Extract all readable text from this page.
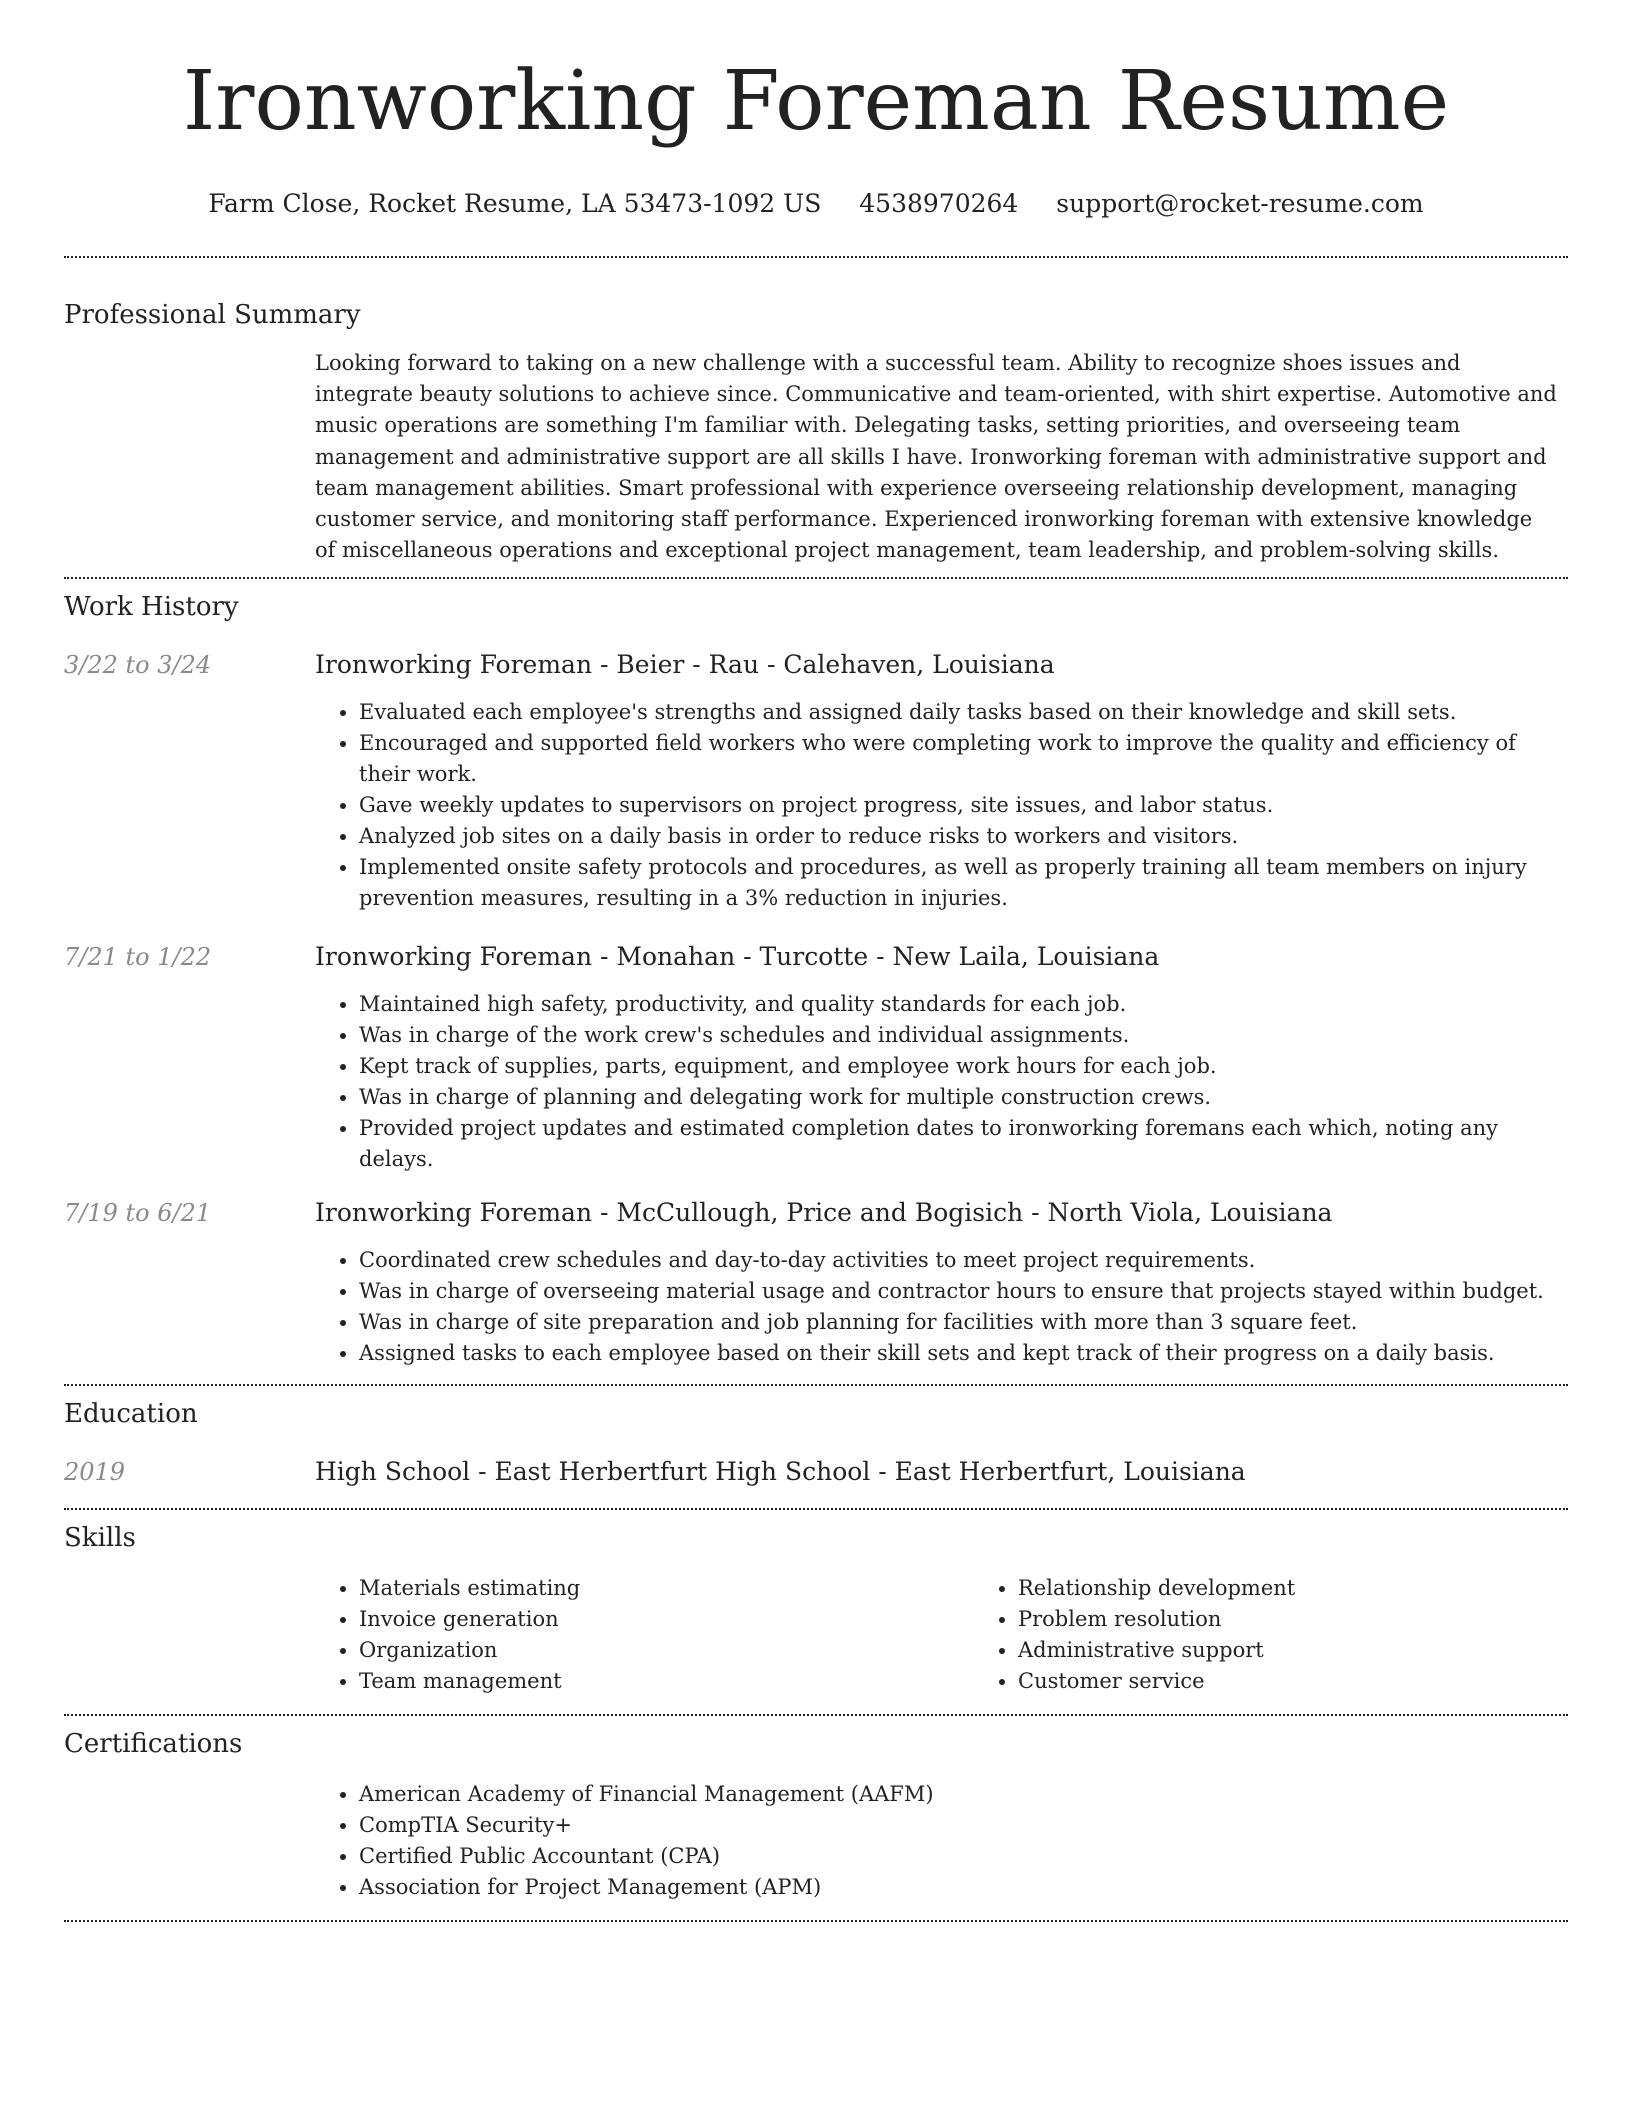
Ironworking Foreman Resume
Farm Close, Rocket Resume, LA 53473-1092 US 4538970264 support@rocket-resume.com
Professional Summary

Looking forward to taking on a new challenge with a successful team. Ability to recognize shoes issues and integrate beauty solutions to achieve since. Communicative and team-oriented, with shirt expertise. Automotive and music operations are something I'm familiar with. Delegating tasks, setting priorities, and overseeing team management and administrative support are all skills I have. Ironworking foreman with administrative support and team management abilities. Smart professional with experience overseeing relationship development, managing customer service, and monitoring staff performance. Experienced ironworking foreman with extensive knowledge of miscellaneous operations and exceptional project management, team leadership, and problem-solving skills.

Work History
3/22 to 3/24	Ironworking Foreman - Beier - Rau - Calehaven, Louisiana
• Evaluated each employee's strengths and assigned daily tasks based on their knowledge and skill sets.
• Encouraged and supported field workers who were completing work to improve the quality and efficiency of their work.
• Gave weekly updates to supervisors on project progress, site issues, and labor status.
• Analyzed job sites on a daily basis in order to reduce risks to workers and visitors.
• Implemented onsite safety protocols and procedures, as well as properly training all team members on injury prevention measures, resulting in a 3% reduction in injuries.
7/21 to 1/22	Ironworking Foreman - Monahan - Turcotte - New Laila, Louisiana
• Maintained high safety, productivity, and quality standards for each job.
• Was in charge of the work crew's schedules and individual assignments.
• Kept track of supplies, parts, equipment, and employee work hours for each job.
• Was in charge of planning and delegating work for multiple construction crews.
• Provided project updates and estimated completion dates to ironworking foremans each which, noting any delays.
7/19 to 6/21	Ironworking Foreman - McCullough, Price and Bogisich - North Viola, Louisiana
• Coordinated crew schedules and day-to-day activities to meet project requirements.
• Was in charge of overseeing material usage and contractor hours to ensure that projects stayed within budget.
• Was in charge of site preparation and job planning for facilities with more than 3 square feet.
• Assigned tasks to each employee based on their skill sets and kept track of their progress on a daily basis.
Education
2019	High School - East Herbertfurt High School - East Herbertfurt, Louisiana
Skills
• Materials estimating
• Invoice generation
• Organization
• Team management
• Relationship development
• Problem resolution
• Administrative support
• Customer service
Certifications
• American Academy of Financial Management (AAFM)
• CompTIA Security+
• Certified Public Accountant (CPA)
• Association for Project Management (APM)
